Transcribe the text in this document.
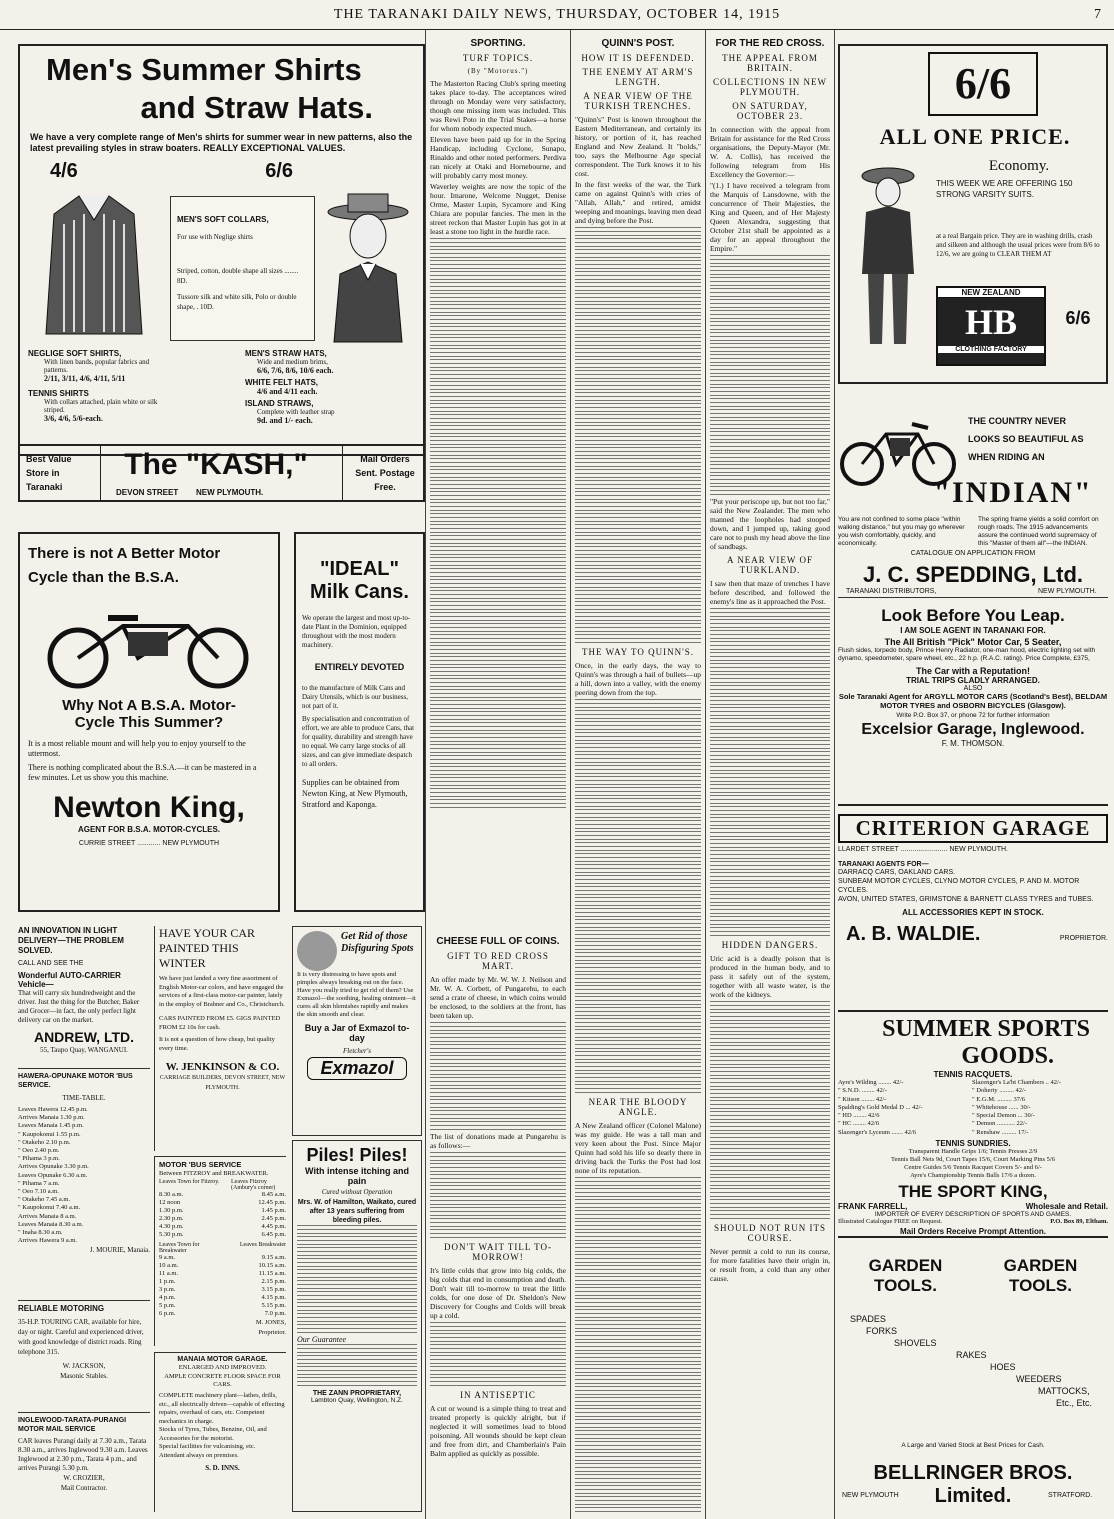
THE TARANAKI DAILY NEWS, THURSDAY, OCTOBER 14, 1915	7
Men's Summer Shirts
and Straw Hats.
We have a very complete range of Men's shirts for summer wear in new patterns, also the latest prevailing styles in straw boaters. REALLY EXCEPTIONAL VALUES.
4/6	6/6
MEN'S SOFT COLLARS,
For use with Neglige shirts
Striped, cotton, double shape all sizes ........ 8D.
Tussore silk and white silk, Polo or double shape, . 10D.
NEGLIGE SOFT SHIRTS,
With linen bands, popular fabrics and patterns.
2/11, 3/11, 4/6, 4/11, 5/11
TENNIS SHIRTS
With collars attached, plain white or silk striped.
3/6, 4/6, 5/6-each.
MEN'S STRAW HATS,
Wide and medium brims,
6/6, 7/6, 8/6, 10/6 each.
WHITE FELT HATS,
4/6 and 4/11 each.
ISLAND STRAWS,
Complete with leather strap
9d. and 1/- each.
Best Value Store in Taranaki
The "KASH,"
DEVON STREET        NEW PLYMOUTH.
Mail Orders Sent. Postage Free.
There is not A Better Motor
Cycle than the B.S.A.
Why Not A B.S.A. Motor-
Cycle This Summer?
It is a most reliable mount and will help you to enjoy yourself to the uttermost.
There is nothing complicated about the B.S.A.—it can be mastered in a few minutes. Let us show you this machine.
Newton King,
AGENT FOR B.S.A. MOTOR-CYCLES.
CURRIE STREET ............ NEW PLYMOUTH
"IDEAL"
Milk Cans.
We operate the largest and most up-to-date Plant in the Dominion, equipped throughout with the most modern machinery.
ENTIRELY DEVOTED
to the manufacture of Milk Cans and Dairy Utensils, which is our business, not part of it.
By specialisation and concentration of effort, we are able to produce Cans, that for quality, durability and strength have no equal. We carry large stocks of all sizes, and can give immediate despatch to all orders.
Supplies can be obtained from Newton King, at New Plymouth, Stratford and Kaponga.
AN INNOVATION IN LIGHT DELIVERY—THE PROBLEM SOLVED.
CALL AND SEE THE
Wonderful AUTO-CARRIER Vehicle—
That will carry six hundredweight and the driver. Just the thing for the Butcher, Baker and Grocer—in fact, the only perfect light delivery car on the market.
ANDREW, LTD.
55, Taupo Quay, WANGANUI.
HAWERA-OPUNAKE MOTOR 'BUS SERVICE.
TIME-TABLE.
Leaves Hawera 12.45 p.m.
Arrives Manaia 1.30 p.m.
Leaves Manaia 1.45 p.m.
" Kaupokonui 1.55 p.m.
" Otakeho 2.10 p.m.
" Oeo 2.40 p.m.
" Pihama 3 p.m.
Arrives Opunake 3.30 p.m.
Leaves Opunake 6.30 a.m.
" Pihama 7 a.m.
" Oeo 7.10 a.m.
" Otakeho 7.45 a.m.
" Kaupokonui 7.40 a.m.
Arrives Manaia 8 a.m.
Leaves Manaia 8.30 a.m.
" Inaha 8.30 a.m.
Arrives Hawera 9 a.m.
J. MOURIE, Manaia.
RELIABLE MOTORING
35-H.P. TOURING CAR, available for hire, day or night. Careful and experienced driver, with good knowledge of district roads. Ring telephone 315.
W. JACKSON,
Masonic Stables.
INGLEWOOD-TARATA-PURANGI MOTOR MAIL SERVICE
CAR leaves Purangi daily at 7.30 a.m., Tarata 8.30 a.m., arrives Inglewood 9.30 a.m. Leaves Inglewood at 2.30 p.m., Tarata 4 p.m., and arrives Purangi 5.30 p.m.
W. CROZIER,
Mail Contractor.
HAVE YOUR CAR PAINTED THIS WINTER
We have just landed a very fine assortment of English Motor-car colors, and have engaged the services of a first-class motor-car painter, lately in the employ of Brabner and Co., Christchurch.
CARS PAINTED FROM £5. GIGS PAINTED FROM £2 10s for cash.
It is not a question of how cheap, but quality every time.
W. JENKINSON & CO.
CARRIAGE BUILDERS, DEVON STREET, NEW PLYMOUTH.
MOTOR 'BUS SERVICE
Between FITZROY and BREAKWATER.
Leaves Town for Fitzroy. Leaves Fitzroy (Ambury's corner)
8.30 a.m.	8.45 a.m.
12 noon	12.45 p.m.
1.30 p.m.	1.45 p.m.
2.30 p.m.	2.45 p.m.
4.30 p.m.	4.45 p.m.
5.30 p.m.	6.45 p.m.
Leaves Town for Breakwater
Leaves Breakwater
9 a.m.	9.15 a.m.
10 a.m.	10.15 a.m.
11 a.m.	11.15 a.m.
1 p.m.	2.15 p.m.
3 p.m.	3.15 p.m.
4 p.m.	4.15 p.m.
5 p.m.	5.15 p.m.
6 p.m.	7.0 p.m.
M. JONES,
Proprietor.
MANAIA MOTOR GARAGE.
ENLARGED AND IMPROVED.
AMPLE CONCRETE FLOOR SPACE FOR CARS.
COMPLETE machinery plant—lathes, drills, etc., all electrically driven—capable of effecting repairs, overhaul of cars, etc. Competent mechanics in charge.
Stocks of Tyres, Tubes, Benzine, Oil, and Accessories for the motorist.
Special facilities for vulcanising, etc.
Attendant always on premises.
S. D. INNS.
Get Rid of those Disfiguring Spots
It is very distressing to have spots and pimples always breaking out on the face. Have you really tried to get rid of them? Use Exmazol—the soothing, healing ointment—it cures all skin blemishes rapidly and makes the skin smooth and clear.
Buy a Jar of Exmazol to-day
Fletcher's
Exmazol
Piles! Piles!
With intense itching and pain
Cured without Operation
Mrs. W. of Hamilton, Waikato, cured after 13 years suffering from bleeding piles.
Our Guarantee
THE ZANN PROPRIETARY,
Lambton Quay, Wellington, N.Z.
SPORTING.
TURF TOPICS.
(By "Motorus.")

The Masterton Racing Club's spring meeting takes place to-day. The acceptances wired through on Monday were very satisfactory, though one missing item was included. This was Rewi Poto in the Trial Stakes—a horse for whom nobody expected much.

Eleven have been paid up for in the Spring Handicap, including Cyclone, Sunapo, Rinaldo and other noted performers. Perdiva ran nicely at Otaki and Hornebourne, and will probably carry most money.

Waverley weights are now the topic of the hour. Imarone, Welcome Nugget, Denise Orme, Master Lupin, Sycamore and King Chiara are popular fancies. The men in the street reckon that Master Lupin has got in at least a stone too light in the hurdle race.

CHEESE FULL OF COINS.
GIFT TO RED CROSS MART.

An offer made by Mr. W. W. J. Neilson and Mr. W. A. Corbett, of Pungarehu, to each send a crate of cheese, in which coins would be enclosed, to the soldiers at the front, has been taken up.

The list of donations made at Pungarehu is as follows:—

DON'T WAIT TILL TO-MORROW!

It's little colds that grow into big colds, the big colds that end in consumption and death. Don't wait till to-morrow to treat the little colds, for one dose of Dr. Sheldon's New Discovery for Coughs and Colds will break up a cold.

IN ANTISEPTIC

A cut or wound is a simple thing to treat and treated properly is quickly alright, but if neglected it will sometimes lead to blood poisoning. All wounds should be kept clean and free from dirt, and Chamberlain's Pain Balm applied as quickly as possible.

QUINN'S POST.
HOW IT IS DEFENDED.
THE ENEMY AT ARM'S LENGTH.
A NEAR VIEW OF THE TURKISH TRENCHES.

"Quinn's" Post is known throughout the Eastern Mediterranean, and certainly its history, or portion of it, has reached England and New Zealand. It "holds," too, says the Melbourne Age special correspondent. The Turk knows it to his cost.

In the first weeks of the war, the Turk came on against Quinn's with cries of "Allah, Allah," and retired, amidst weeping and moanings, leaving men dead and dying before the Post.

THE WAY TO QUINN'S.

Once, in the early days, the way to Quinn's was through a hail of bullets—up a hill, down into a valley, with the enemy peering down from the top.

NEAR THE BLOODY ANGLE.

A New Zealand officer (Colonel Malone) was my guide. He was a tall man and very keen about the Post. Since Major Quinn had sold his life so dearly there in driving back the Turks the Post had lost none of its reputation.

FOR THE RED CROSS.
THE APPEAL FROM BRITAIN.
COLLECTIONS IN NEW PLYMOUTH.
ON SATURDAY, OCTOBER 23.

In connection with the appeal from Britain for assistance for the Red Cross organisations, the Deputy-Mayor (Mr. W. A. Collis), has received the following telegram from His Excellency the Governor:—

"(1.) I have received a telegram from the Marquis of Lansdowne, with the concurrence of Their Majesties, the King and Queen, and of Her Majesty Queen Alexandra, suggesting that October 21st shall be appointed as a day for an appeal throughout the Empire."

"Put your periscope up, but not too far," said the New Zealander. The men who manned the loopholes had stooped down, and I jumped up, taking good care not to push my head above the line of sandbags.

A NEAR VIEW OF TURKLAND.

I saw then that maze of trenches I have before described, and followed the enemy's line as it approached the Post.

HIDDEN DANGERS.

Uric acid is a deadly poison that is produced in the human body, and to pass it safely out of the system, together with all waste water, is the work of the kidneys.

SHOULD NOT RUN ITS COURSE.

Never permit a cold to run its course, for more fatalities have their origin in, or result from, a cold than any other cause.

6/6
ALL ONE PRICE.
Economy.
THIS WEEK WE ARE OFFERING 150 STRONG VARSITY SUITS.
at a real Bargain price. They are in washing drills, crash and silkeen and although the usual prices were from 8/6 to 12/6, we are going to CLEAR THEM AT
NEW ZEALAND
HB
CLOTHING FACTORY
6/6
THE COUNTRY NEVER
LOOKS SO BEAUTIFUL AS
WHEN RIDING AN
"INDIAN"
You are not confined to some place "within walking distance," but you may go wherever you wish comfortably, quickly, and economically.
The spring frame yields a solid comfort on rough roads. The 1915 advancements assure the continued world supremacy of this "Master of them all"—the INDIAN.
CATALOGUE ON APPLICATION FROM
J. C. SPEDDING, Ltd.
TARANAKI DISTRIBUTORS,	NEW PLYMOUTH.
Look Before You Leap.
I AM SOLE AGENT IN TARANAKI FOR.
The All British "Pick" Motor Car, 5 Seater,
Flush sides, torpedo body, Prince Henry Radiator, one-man hood, electric lighting set with dynamo, speedometer, spare wheel, etc., 22 h.p. (R.A.C. rating). Price Complete, £375,
The Car with a Reputation!
TRIAL TRIPS GLADLY ARRANGED.
ALSO
Sole Taranaki Agent for ARGYLL MOTOR CARS (Scotland's Best), BELDAM MOTOR TYRES and OSBORN BICYCLES (Glasgow).
Write P.O. Box 37, or phone 72 for further information
Excelsior Garage, Inglewood.
F. M. THOMSON.
CRITERION GARAGE
LLARDET STREET ........................ NEW PLYMOUTH.
TARANAKI AGENTS FOR—
DARRACQ CARS, OAKLAND CARS.
SUNBEAM MOTOR CYCLES, CLYNO MOTOR CYCLES, P. AND M. MOTOR CYCLES.
AVON, UNITED STATES, GRIMSTONE & BARNETT CLASS TYRES and TUBES.
ALL ACCESSORIES KEPT IN STOCK.
A. B. WALDIE.	PROPRIETOR.
SUMMER SPORTS
GOODS.
TENNIS RACQUETS.
Ayre's Wilding ........ 42/-
" S.N.D. ........ 42/-
" Kitson ........ 42/-
Spalding's Gold Medal D ... 42/-
" HD ........ 42/6
" HC ........ 42/6
Slazenger's Lyceum ....... 42/6
Slazenger's La'bt Chambers .. 42/-
" Doherty ......... 42/-
" E.G.M. ......... 37/6
" Whitehouse ...... 30/-
" Special Demon ... 30/-
" Demon ........... 22/-
" Renshaw ......... 17/-
TENNIS SUNDRIES.
Transparent Handle Grips 1/6; Tennis Presses 2/9
Tennis Ball Nets 9d, Court Tapes 15/6, Court Marking Pins 5/6
Centre Guides 5/6 Tennis Racquet Covers 5/- and 6/-
Ayre's Championship Tennis Balls 17/6 a dozen.
THE SPORT KING,
FRANK FARRELL,	Wholesale and Retail.
IMPORTER OF EVERY DESCRIPTION OF SPORTS AND GAMES.
Illustrated Catalogue FREE on Request.	P.O. Box 89, Eltham.
Mail Orders Receive Prompt Attention.
GARDEN TOOLS.
GARDEN TOOLS.
SPADES
FORKS
SHOVELS
RAKES
HOES
WEEDERS
MATTOCKS,
Etc., Etc.
A Large and Varied Stock at Best Prices for Cash.
BELLRINGER BROS. Limited.
NEW PLYMOUTH	STRATFORD.
